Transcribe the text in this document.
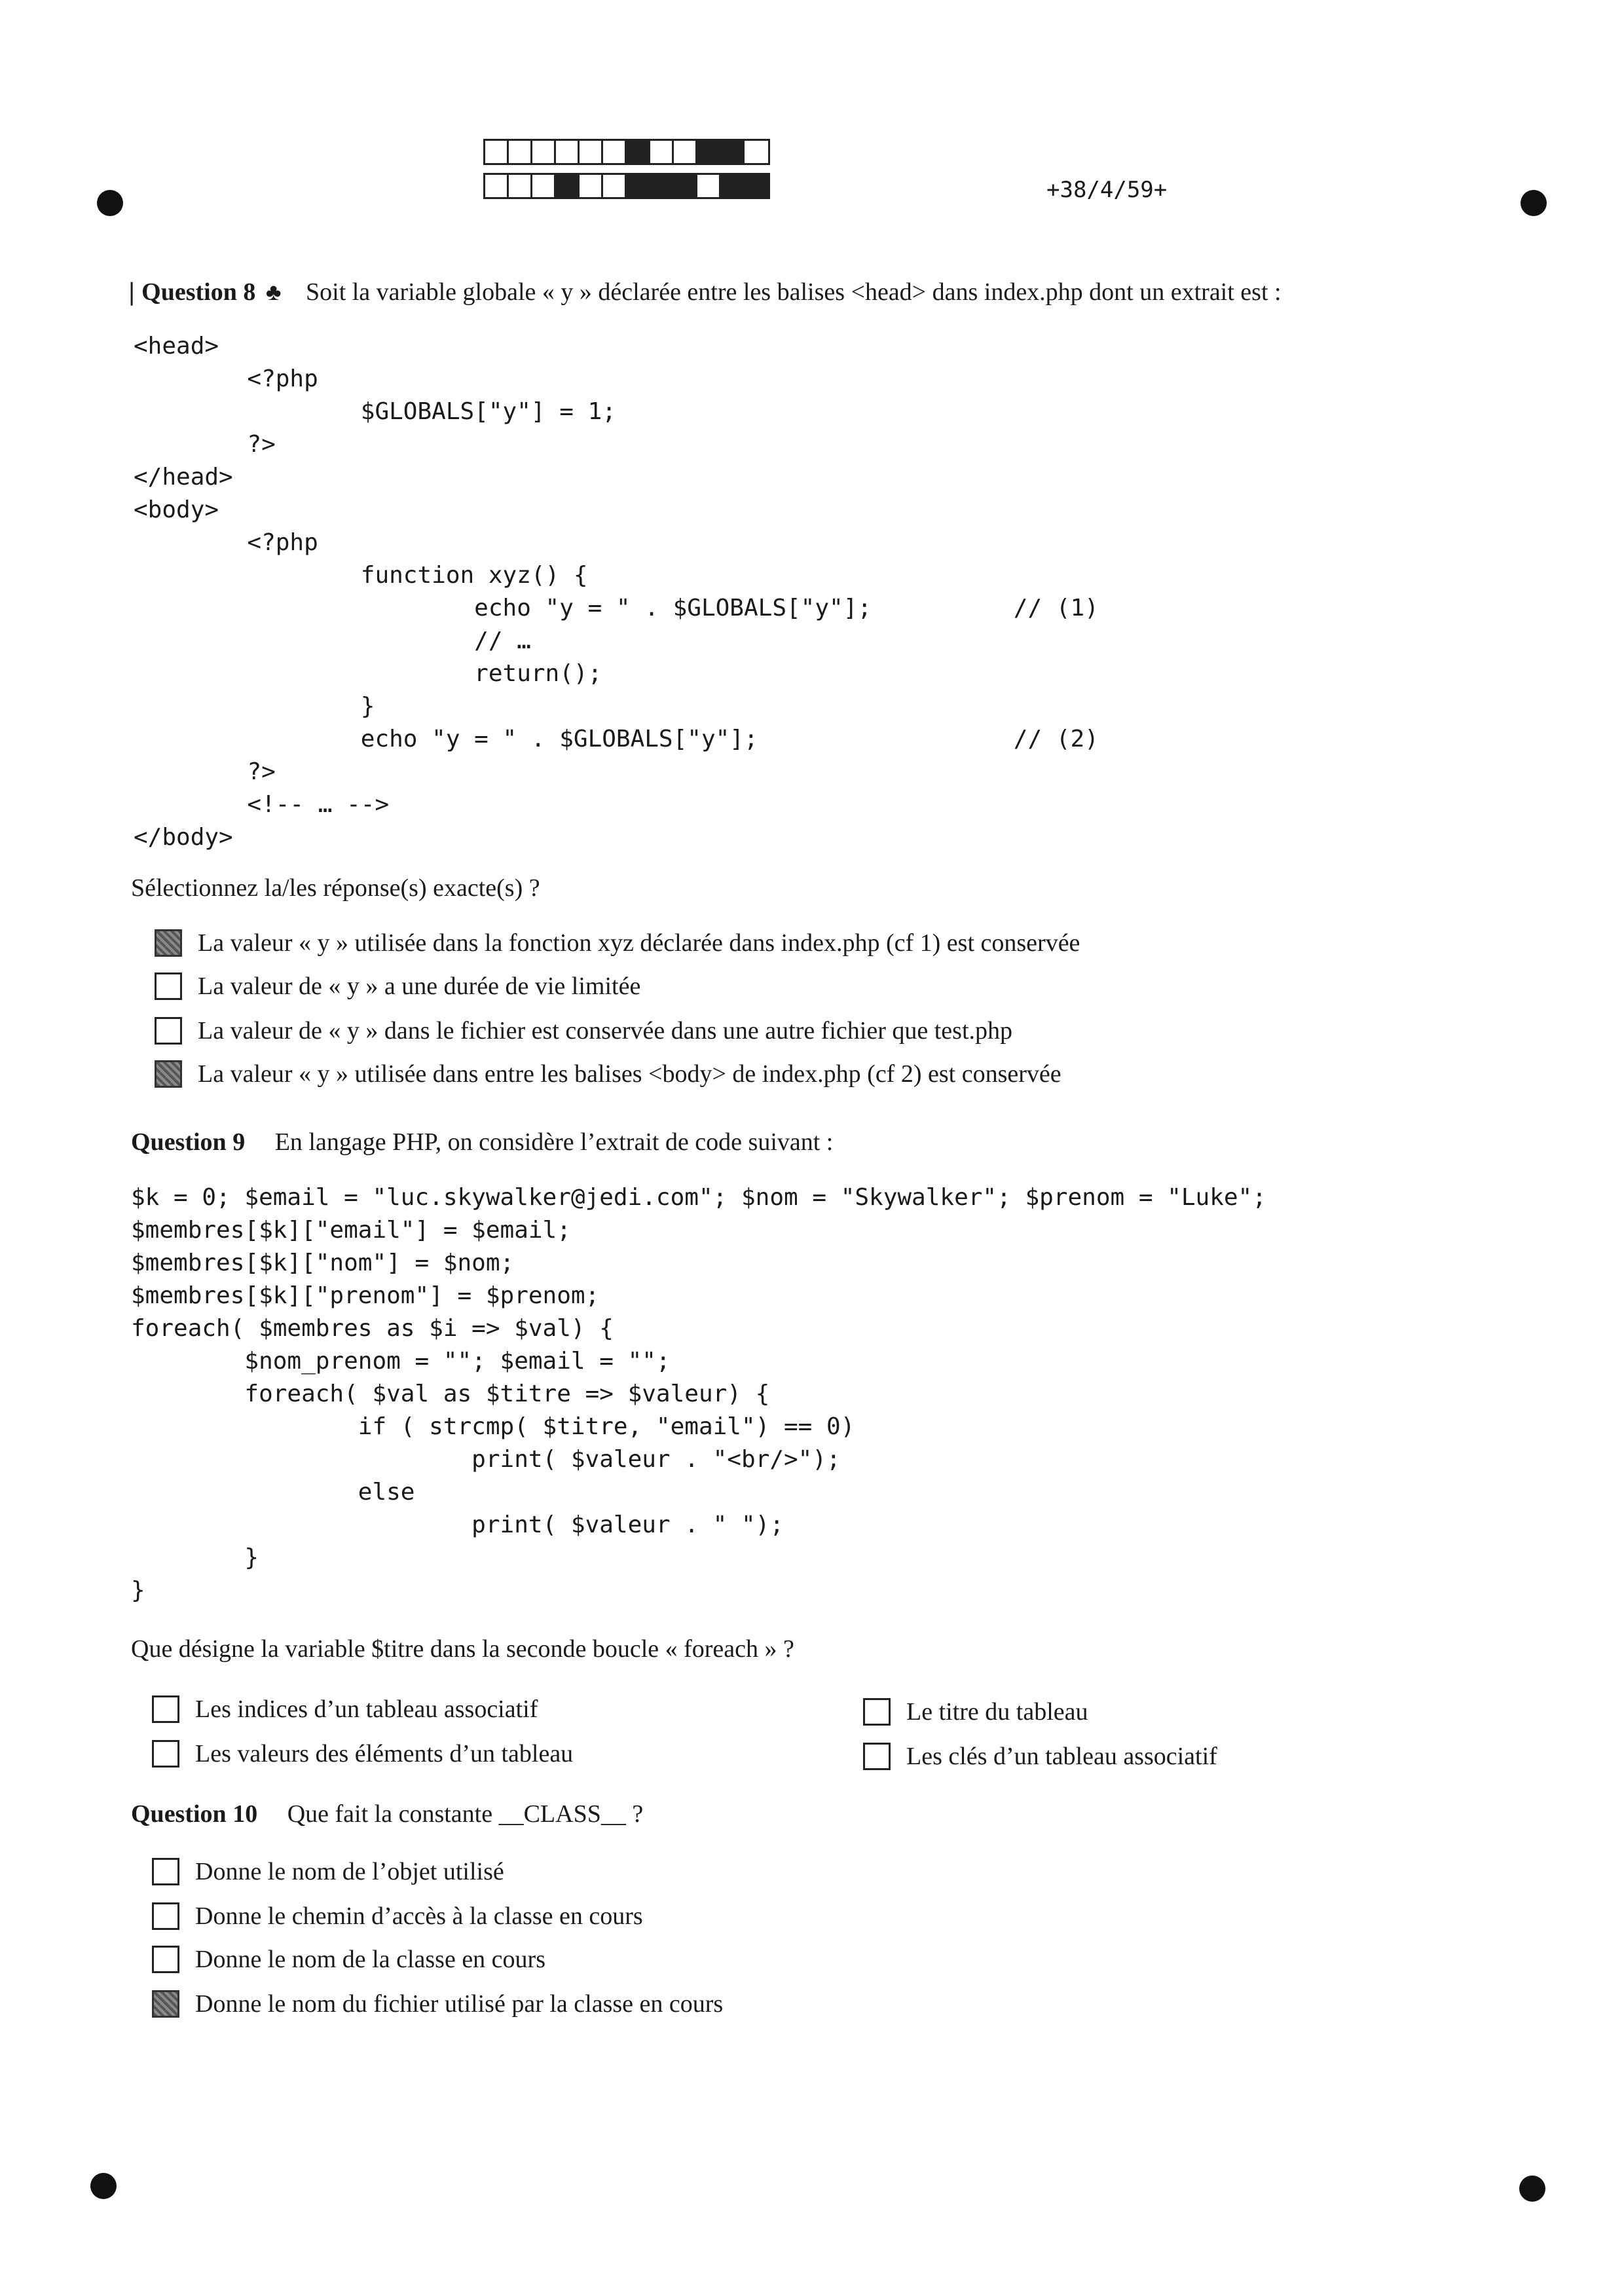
+38/4/59+
❘Question 8 ♣ Soit la variable globale « y » déclarée entre les balises <head> dans index.php dont un extrait est :
<head>
<?php
$GLOBALS["y"] = 1;
?>
</head>
<body>
<?php
function xyz() {
echo "y = " . $GLOBALS["y"];          // (1)
// …
return();
}
echo "y = " . $GLOBALS["y"];                  // (2)
?>
<!-- … -->
</body>
Sélectionnez la/les réponse(s) exacte(s) ?
La valeur « y » utilisée dans la fonction xyz déclarée dans index.php (cf 1) est conservée
La valeur de « y » a une durée de vie limitée
La valeur de « y » dans le fichier est conservée dans une autre fichier que test.php
La valeur « y » utilisée dans entre les balises <body> de index.php (cf 2) est conservée
Question 9 En langage PHP, on considère l’extrait de code suivant :
$k = 0; $email = "luc.skywalker@jedi.com"; $nom = "Skywalker"; $prenom = "Luke";
$membres[$k]["email"] = $email;
$membres[$k]["nom"] = $nom;
$membres[$k]["prenom"] = $prenom;
foreach( $membres as $i => $val) {
$nom_prenom = ""; $email = "";
foreach( $val as $titre => $valeur) {
if ( strcmp( $titre, "email") == 0)
print( $valeur . "<br/>");
else
print( $valeur . " ");
}
}
Que désigne la variable $titre dans la seconde boucle « foreach » ?
Les indices d’un tableau associatif	Le titre du tableau
Les valeurs des éléments d’un tableau	Les clés d’un tableau associatif
Question 10 Que fait la constante __CLASS__ ?
Donne le nom de l’objet utilisé
Donne le chemin d’accès à la classe en cours
Donne le nom de la classe en cours
Donne le nom du fichier utilisé par la classe en cours
